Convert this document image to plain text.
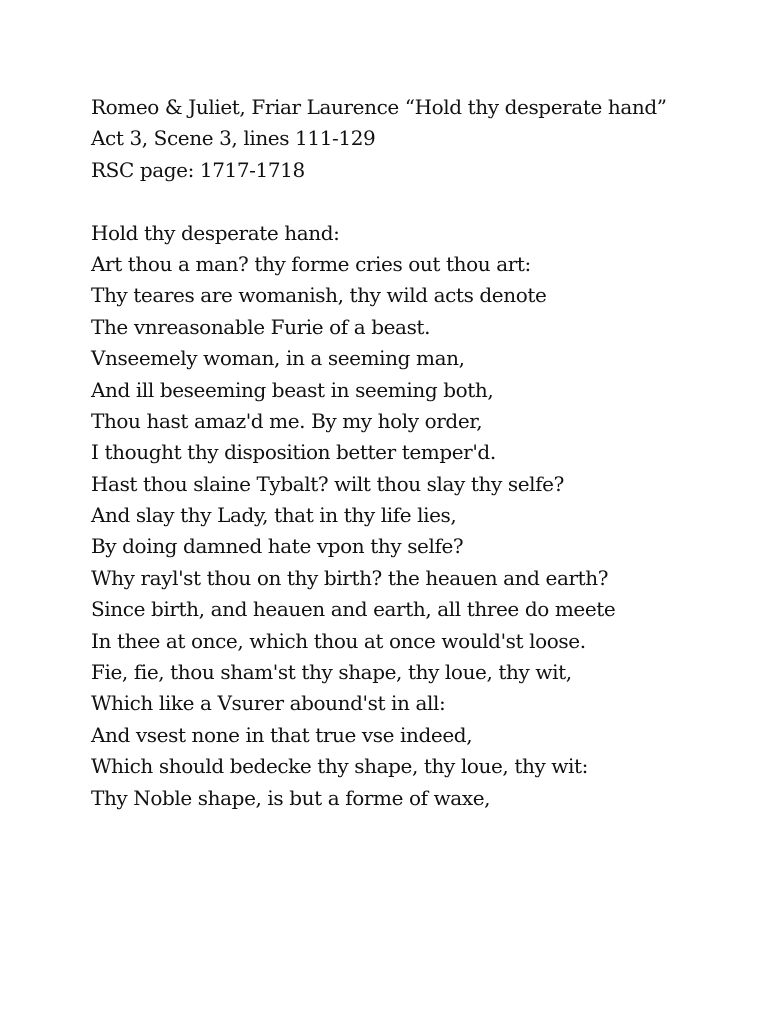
Romeo & Juliet, Friar Laurence “Hold thy desperate hand”
Act 3, Scene 3, lines 111-129
RSC page: 1717-1718
Hold thy desperate hand:
Art thou a man? thy forme cries out thou art:
Thy teares are womanish, thy wild acts denote
The vnreasonable Furie of a beast.
Vnseemely woman, in a seeming man,
And ill beseeming beast in seeming both,
Thou hast amaz'd me. By my holy order,
I thought thy disposition better temper'd.
Hast thou slaine Tybalt? wilt thou slay thy selfe?
And slay thy Lady, that in thy life lies,
By doing damned hate vpon thy selfe?
Why rayl'st thou on thy birth? the heauen and earth?
Since birth, and heauen and earth, all three do meete
In thee at once, which thou at once would'st loose.
Fie, fie, thou sham'st thy shape, thy loue, thy wit,
Which like a Vsurer abound'st in all:
And vsest none in that true vse indeed,
Which should bedecke thy shape, thy loue, thy wit:
Thy Noble shape, is but a forme of waxe,
